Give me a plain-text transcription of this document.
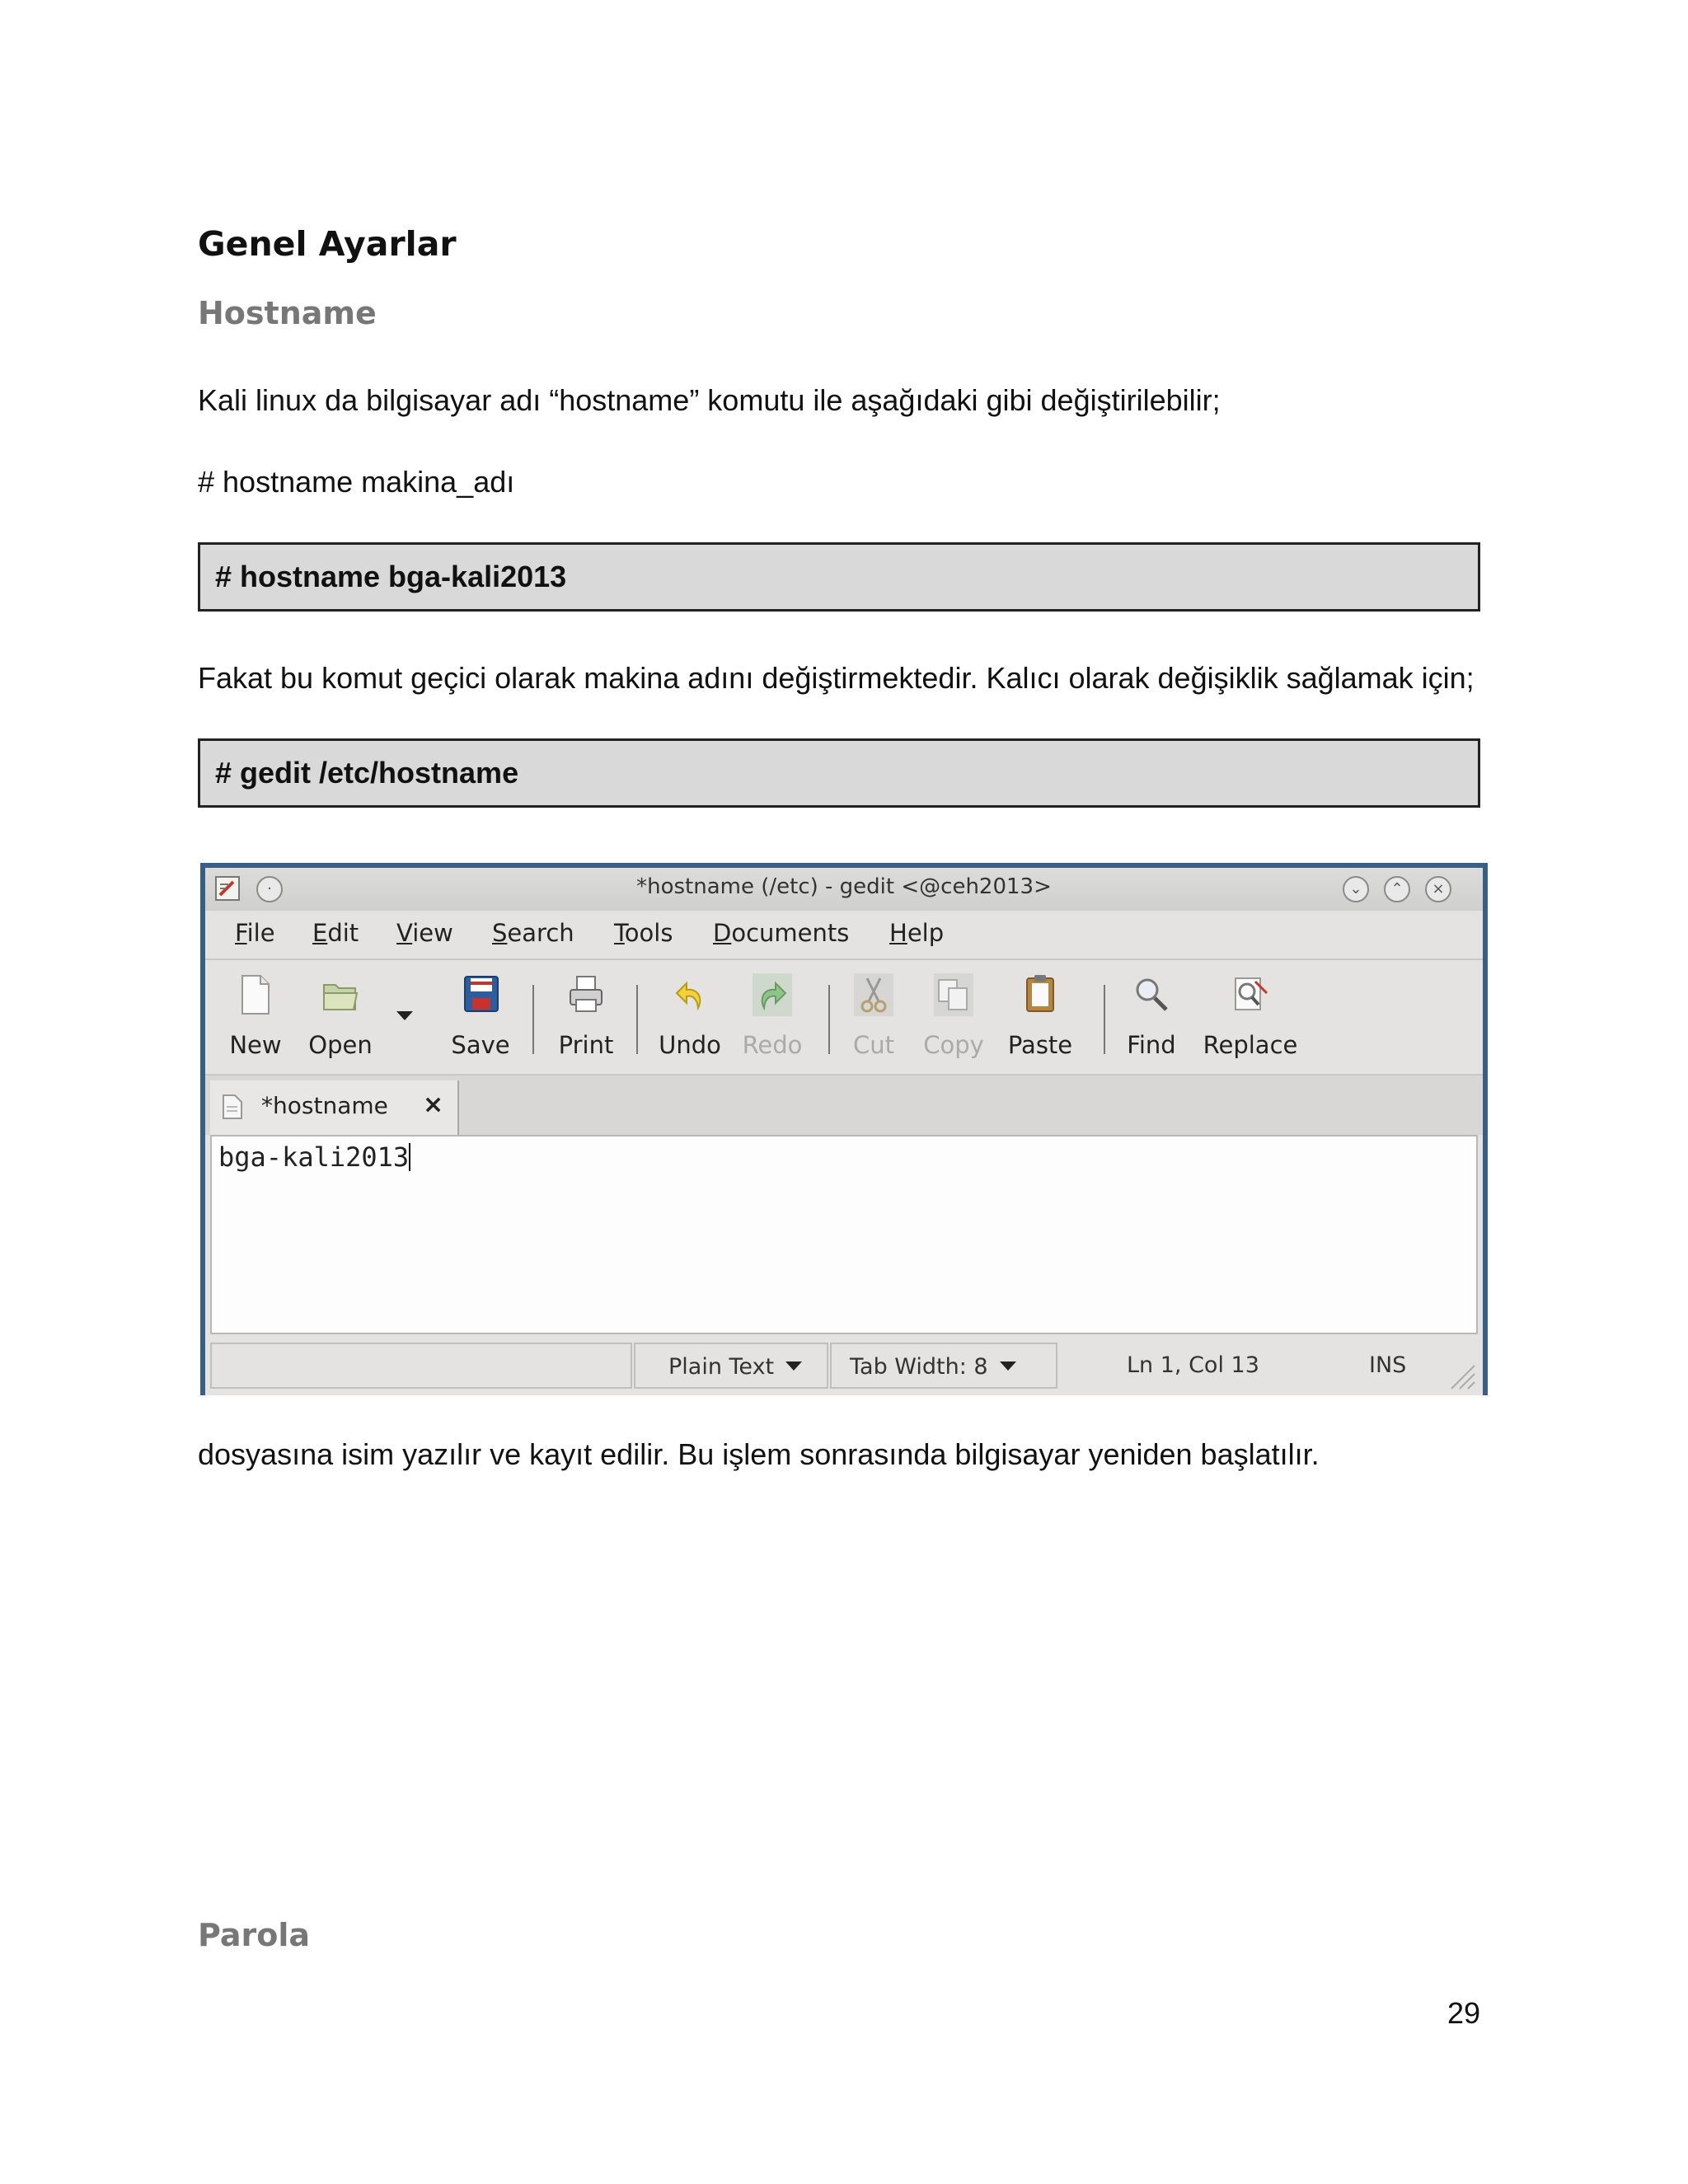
Genel Ayarlar
Hostname
Kali linux da bilgisayar adı “hostname” komutu ile aşağıdaki gibi değiştirilebilir;
# hostname makina_adı
# hostname bga-kali2013
Fakat bu komut geçici olarak makina adını değiştirmektedir. Kalıcı olarak değişiklik sağlamak için;
# gedit /etc/hostname
·	*hostname (/etc) - gedit <@ceh2013>	⌄	⌃	×
File Edit View Search Tools Documents Help
New	Open	Save	Print	Undo Redo	Cut	Copy Paste	Find	Replace
*hostname ×
bga-kali2013
Plain Text	Tab Width: 8	Ln 1, Col 13	INS
dosyasına isim yazılır ve kayıt edilir. Bu işlem sonrasında bilgisayar yeniden başlatılır.
Parola
29
